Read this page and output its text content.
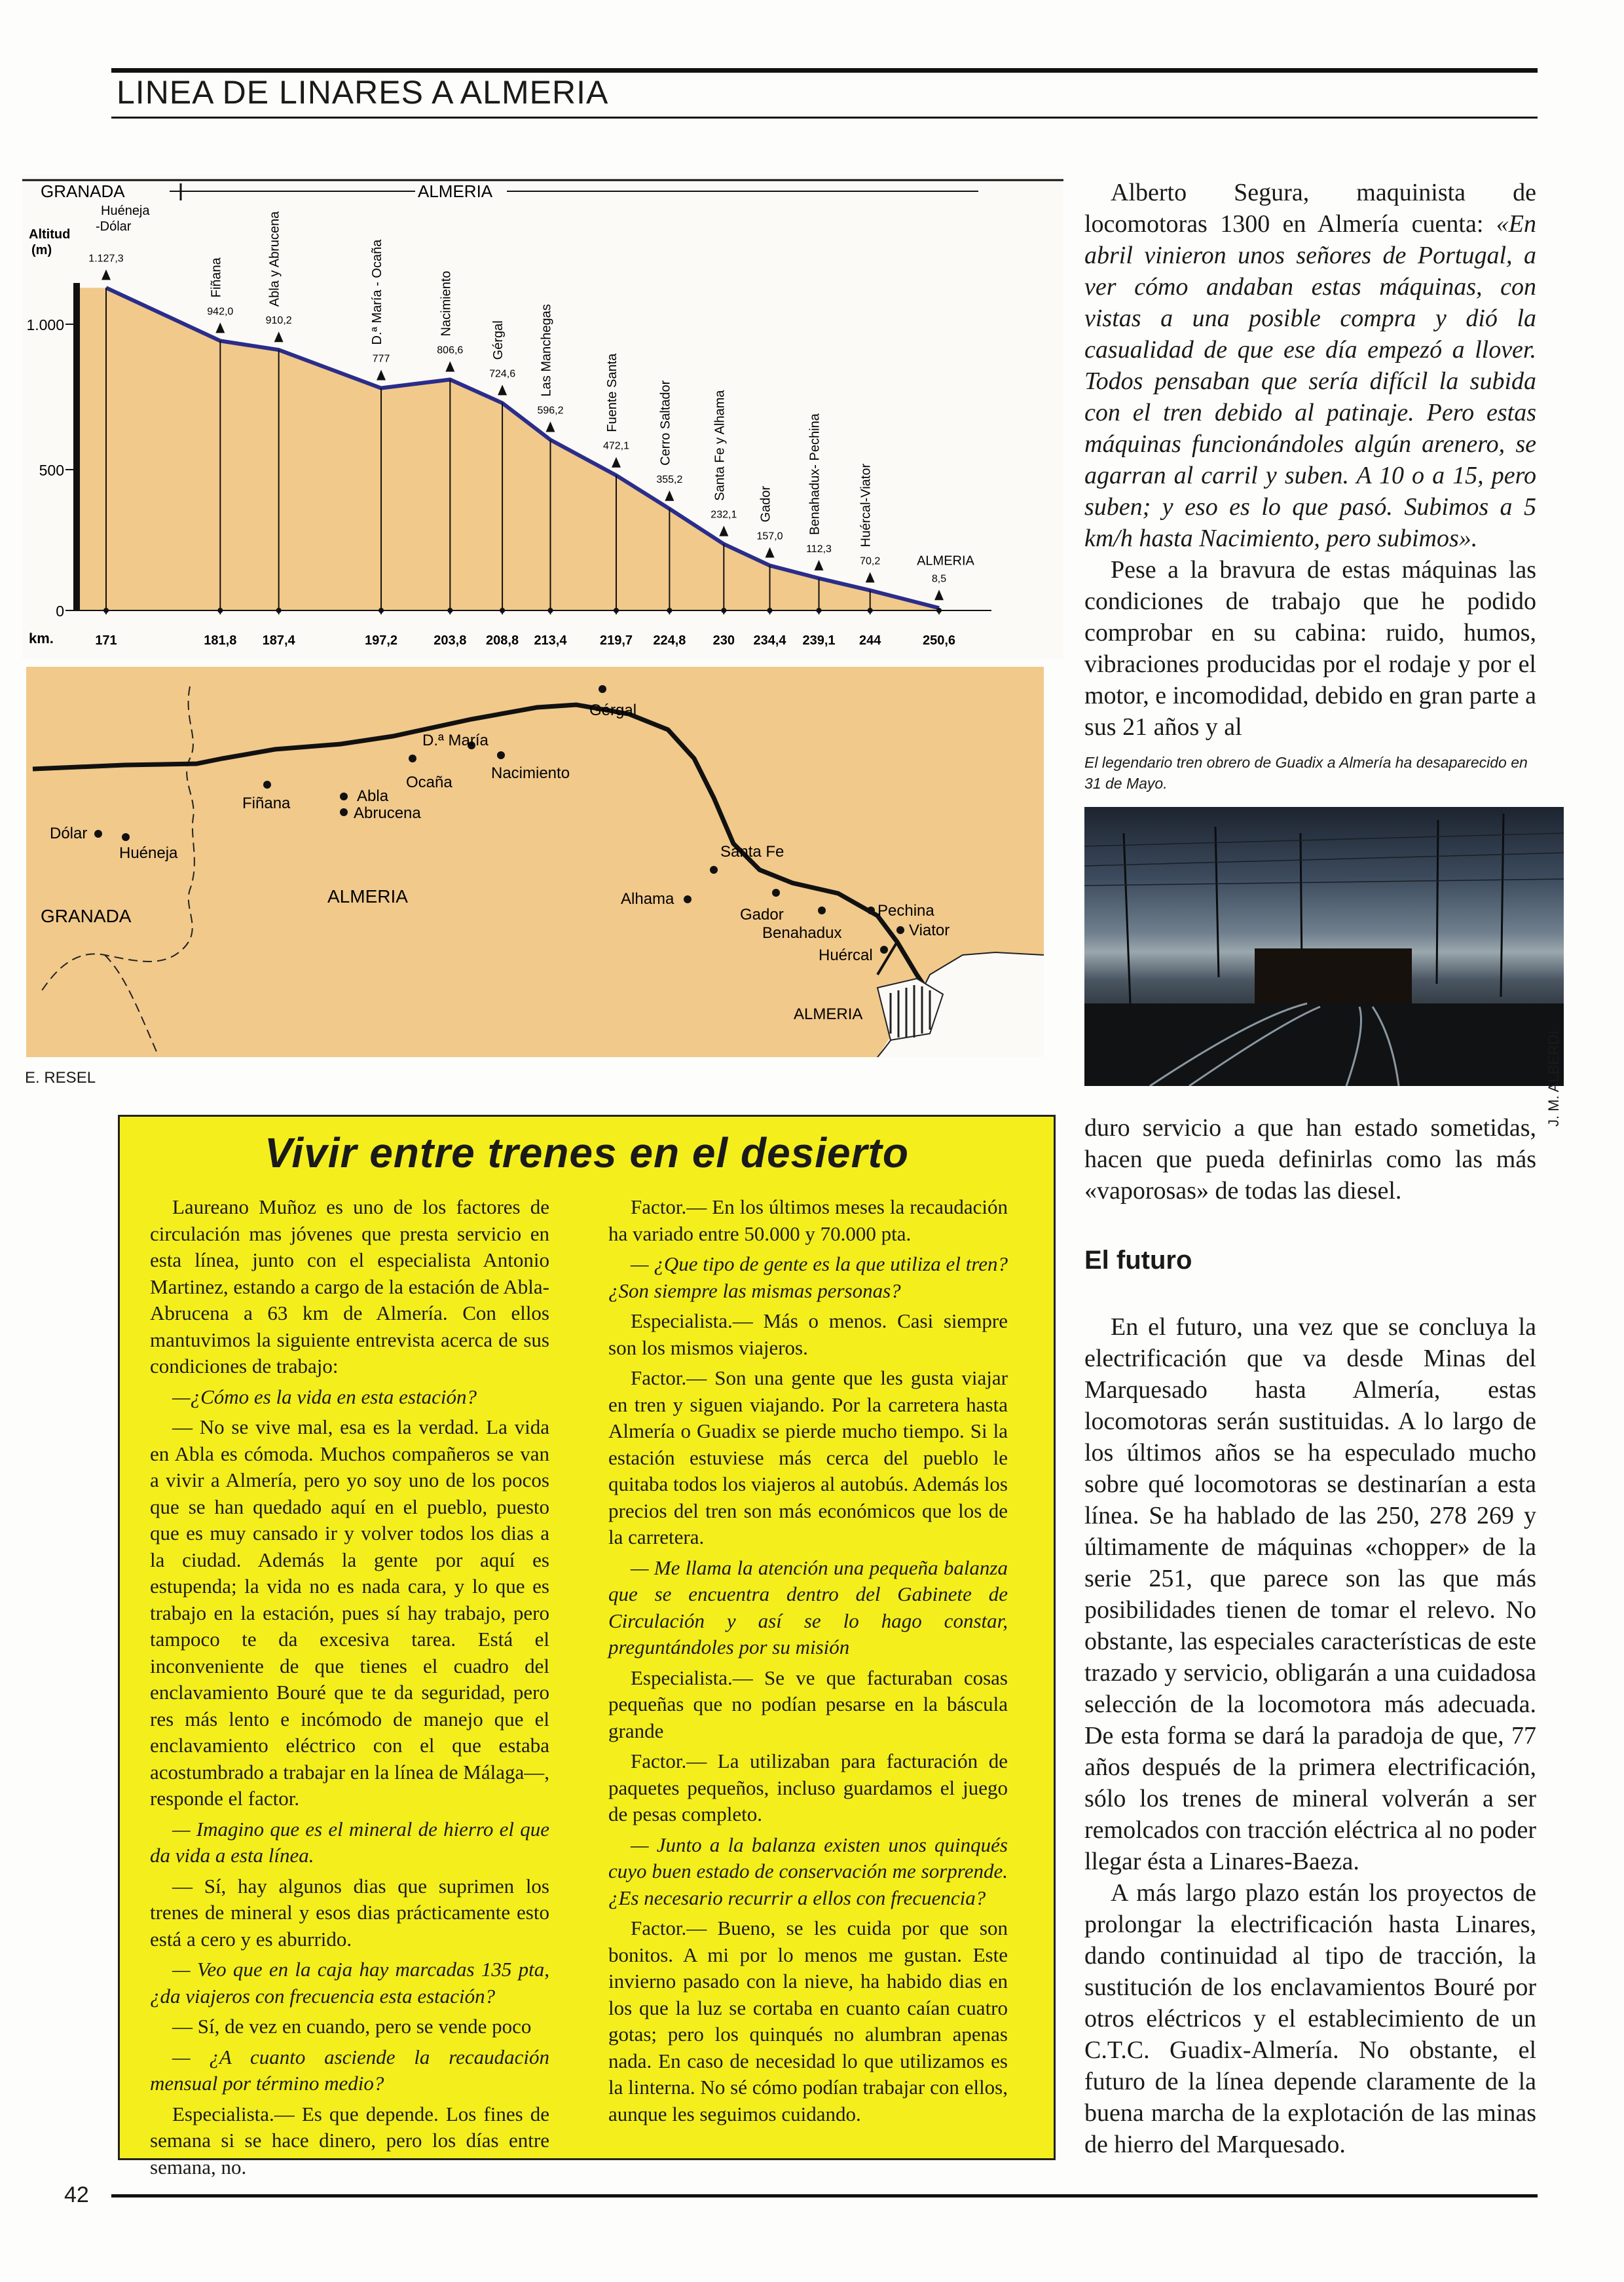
LINEA DE LINARES A ALMERIA
1.000
500
0
GRANADA	ALMERIA
Huéneja
-Dólar
Altitud
(m)
km.
1.127,3
171
942,0
181,8
Fiñana
910,2
187,4
Abla y Abrucena
777
197,2
D.ª María - Ocaña
806,6
203,8
Nacimiento
724,6
208,8
Gérgal
596,2
213,4
Las Manchegas
472,1
219,7
Fuente Santa
355,2
224,8
Cerro Saltador
232,1
230
Santa Fe y Alhama
157,0
234,4
Gador
112,3
239,1
Benahadux- Pechina
70,2
244
Huércal-Viator
8,5
250,6
ALMERIA
Dólar
Huéneja
Fiñana	Abla
Abrucena
Ocaña
D.ª María
Nacimiento
Gérgal
Santa Fe
Alhama
Gador
Benahadux
Pechina
Viator
Huércal
ALMERIA
GRANADA
ALMERIA
E. RESEL

Alberto Segura, maquinista de locomotoras 1300 en Almería cuenta: «En abril vinieron unos señores de Portugal, a ver cómo andaban estas máquinas, con vistas a una posible compra y dió la casualidad de que ese día empezó a llover. Todos pensaban que sería difícil la subida con el tren debido al patinaje. Pero estas máquinas funcionándoles algún arenero, se agarran al carril y suben. A 10 o a 15, pero suben; y eso es lo que pasó. Subimos a 5 km/h hasta Nacimiento, pero subimos».

Pese a la bravura de estas máquinas las condiciones de trabajo que he podido comprobar en su cabina: ruido, humos, vibraciones producidas por el rodaje y por el motor, e incomodidad, debido en gran parte a sus 21 años y al

El legendario tren obrero de Guadix a Almería ha desaparecido en 31 de Mayo.
J. M. ALBERDI

duro servicio a que han estado sometidas, hacen que pueda definirlas como las más «vaporosas» de todas las diesel.

El futuro

En el futuro, una vez que se concluya la electrificación que va desde Minas del Marquesado hasta Almería, estas locomotoras serán sustituidas. A lo largo de los últimos años se ha especulado mucho sobre qué locomotoras se destinarían a esta línea. Se ha hablado de las 250, 278 269 y últimamente de máquinas «chopper» de la serie 251, que parece son las que más posibilidades tienen de tomar el relevo. No obstante, las especiales características de este trazado y servicio, obligarán a una cuidadosa selección de la locomotora más adecuada. De esta forma se dará la paradoja de que, 77 años después de la primera electrificación, sólo los trenes de mineral volverán a ser remolcados con tracción eléctrica al no poder llegar ésta a Linares-Baeza.

A más largo plazo están los proyectos de prolongar la electrificación hasta Linares, dando continuidad al tipo de tracción, la sustitución de los enclavamientos Bouré por otros eléctricos y el establecimiento de un C.T.C. Guadix-Almería. No obstante, el futuro de la línea depende claramente de la buena marcha de la explotación de las minas de hierro del Marquesado.

Vivir entre trenes en el desierto

Laureano Muñoz es uno de los factores de circulación mas jóvenes que presta servicio en esta línea, junto con el especialista Antonio Martinez, estando a cargo de la estación de Abla-Abrucena a 63 km de Almería. Con ellos mantuvimos la siguiente entrevista acerca de sus condiciones de trabajo:

—¿Cómo es la vida en esta estación?

— No se vive mal, esa es la verdad. La vida en Abla es cómoda. Muchos compañeros se van a vivir a Almería, pero yo soy uno de los pocos que se han quedado aquí en el pueblo, puesto que es muy cansado ir y volver todos los dias a la ciudad. Además la gente por aquí es estupenda; la vida no es nada cara, y lo que es trabajo en la estación, pues sí hay trabajo, pero tampoco te da excesiva tarea. Está el inconveniente de que tienes el cuadro del enclavamiento Bouré que te da seguridad, pero res más lento e incómodo de manejo que el enclavamiento eléctrico con el que estaba acostumbrado a trabajar en la línea de Málaga—, responde el factor.

— Imagino que es el mineral de hierro el que da vida a esta línea.

— Sí, hay algunos dias que suprimen los trenes de mineral y esos dias prácticamente esto está a cero y es aburrido.

— Veo que en la caja hay marcadas 135 pta, ¿da viajeros con frecuencia esta estación?

— Sí, de vez en cuando, pero se vende poco

— ¿A cuanto asciende la recaudación mensual por término medio?

Especialista.— Es que depende. Los fines de semana si se hace dinero, pero los días entre semana, no.

Factor.— En los últimos meses la recaudación ha variado entre 50.000 y 70.000 pta.

— ¿Que tipo de gente es la que utiliza el tren?¿Son siempre las mismas personas?

Especialista.— Más o menos. Casi siempre son los mismos viajeros.

Factor.— Son una gente que les gusta viajar en tren y siguen viajando. Por la carretera hasta Almería o Guadix se pierde mucho tiempo. Si la estación estuviese más cerca del pueblo le quitaba todos los viajeros al autobús. Además los precios del tren son más económicos que los de la carretera.

— Me llama la atención una pequeña balanza que se encuentra dentro del Gabinete de Circulación y así se lo hago constar, preguntándoles por su misión

Especialista.— Se ve que facturaban cosas pequeñas que no podían pesarse en la báscula grande

Factor.— La utilizaban para facturación de paquetes pequeños, incluso guardamos el juego de pesas completo.

— Junto a la balanza existen unos quinqués cuyo buen estado de conservación me sorprende. ¿Es necesario recurrir a ellos con frecuencia?

Factor.— Bueno, se les cuida por que son bonitos. A mi por lo menos me gustan. Este invierno pasado con la nieve, ha habido dias en los que la luz se cortaba en cuanto caían cuatro gotas; pero los quinqués no alumbran apenas nada. En caso de necesidad lo que utilizamos es la linterna. No sé cómo podían trabajar con ellos, aunque les seguimos cuidando.

42
